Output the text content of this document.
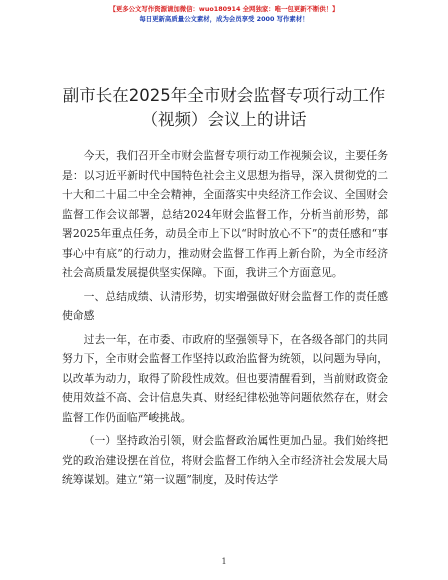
【更多公文写作资源请加微信：wuo180914 全网独家：唯一包更新不断供！】
每日更新高质量公文素材，成为会员享受 2000 写作素材！
副市长在2025年全市财会监督专项行动工作
（视频）会议上的讲话

今天，我们召开全市财会监督专项行动工作视频会议，主要任务是：以习近平新时代中国特色社会主义思想为指导，深入贯彻党的二十大和二十届二中全会精神，全面落实中央经济工作会议、全国财会监督工作会议部署，总结2024年财会监督工作，分析当前形势，部署2025年重点任务，动员全市上下以“时时放心不下”的责任感和“事事心中有底”的行动力，推动财会监督工作再上新台阶，为全市经济社会高质量发展提供坚实保障。下面，我讲三个方面意见。

一、总结成绩、认清形势，切实增强做好财会监督工作的责任感使命感

过去一年，在市委、市政府的坚强领导下，在各级各部门的共同努力下，全市财会监督工作坚持以政治监督为统领，以问题为导向，以改革为动力，取得了阶段性成效。但也要清醒看到，当前财政资金使用效益不高、会计信息失真、财经纪律松弛等问题依然存在，财会监督工作仍面临严峻挑战。

（一）坚持政治引领，财会监督政治属性更加凸显。我们始终把党的政治建设摆在首位，将财会监督工作纳入全市经济社会发展大局统筹谋划。建立“第一议题”制度，及时传达学

1
